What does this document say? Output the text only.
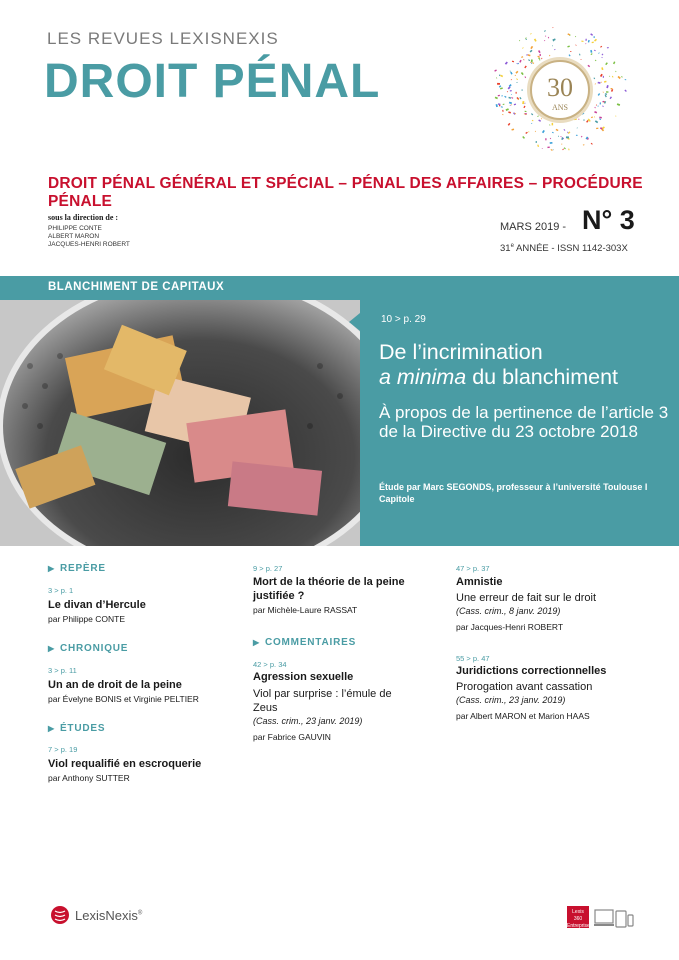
LES REVUES LEXISNEXIS
DROIT PÉNAL	30
ANS
DROIT PÉNAL GÉNÉRAL ET SPÉCIAL – PÉNAL DES AFFAIRES – PROCÉDURE PÉNALE
sous la direction de :
PHILIPPE CONTE
ALBERT MARON
JACQUES-HENRI ROBERT
MARS 2019 - N° 3
31e ANNÉE - ISSN 1142-303X
BLANCHIMENT DE CAPITAUX
10 > p. 29
De l’incrimination
a minima du blanchiment
À propos de la pertinence de l’article 3 de la Directive du 23 octobre 2018
Étude par Marc SEGONDS, professeur à l’université Toulouse I Capitole
▶ REPÈRE
3 > p. 1
Le divan d’Hercule
par Philippe CONTE
▶ CHRONIQUE
3 > p. 11
Un an de droit de la peine
par Évelyne BONIS et Virginie PELTIER
▶ ÉTUDES
7 > p. 19
Viol requalifié en escroquerie
par Anthony SUTTER
9 > p. 27
Mort de la théorie de la peine justifiée ?
par Michèle-Laure RASSAT
▶ COMMENTAIRES
42 > p. 34
Agression sexuelle
Viol par surprise : l’émule de Zeus
(Cass. crim., 23 janv. 2019)
par Fabrice GAUVIN
47 > p. 37
Amnistie
Une erreur de fait sur le droit
(Cass. crim., 8 janv. 2019)
par Jacques-Henri ROBERT
55 > p. 47
Juridictions correctionnelles
Prorogation avant cassation
(Cass. crim., 23 janv. 2019)
par Albert MARON et Marion HAAS
LexisNexis®	Lexis
360
Entreprises
